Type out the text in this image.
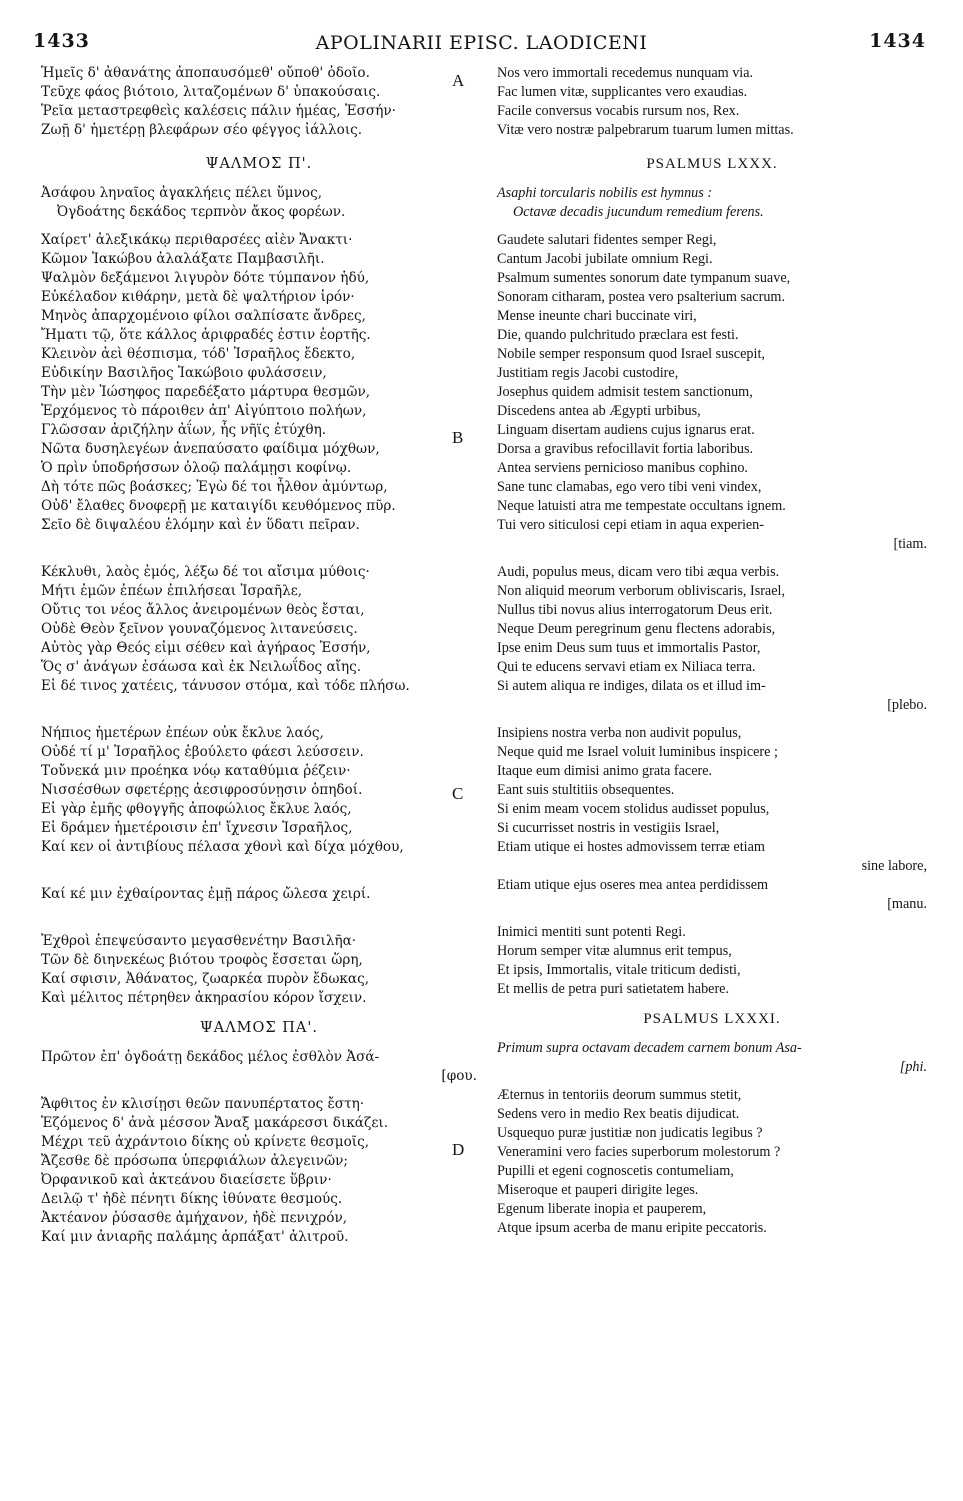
1433	APOLINARII EPISC. LAODICENI	1434
A
B
C
D
Ἡμεῖς δ' ἀθανάτης ἀποπαυσόμεθ' οὔποθ' ὁδοῖο.
Τεῦχε φάος βιότοιο, λιταζομένων δ' ὑπακούσαις.
Ῥεῖα μεταστρεφθεὶς καλέσεις πάλιν ἡμέας, Ἐσσήν·
Ζωῇ δ' ἡμετέρῃ βλεφάρων σέο φέγγος ἰάλλοις.
ΨΑΛΜΟΣ Π'.
Ἀσάφου ληναῖος ἀγακλήεις πέλει ὕμνος,
Ὀγδοάτης δεκάδος τερπνὸν ἄκος φορέων.
Χαίρετ' ἀλεξικάκῳ περιθαρσέες αἰὲν Ἄνακτι·
Κῶμον Ἰακώβου ἀλαλάξατε Παμβασιλῆι.
Ψαλμὸν δεξάμενοι λιγυρὸν δότε τύμπανον ἡδύ,
Εὐκέλαδον κιθάρην, μετὰ δὲ ψαλτήριον ἱρόν·
Μηνὸς ἀπαρχομένοιο φίλοι σαλπίσατε ἄνδρες,
Ἤματι τῷ, ὅτε κάλλος ἀριφραδές ἐστιν ἑορτῆς.
Κλεινὸν ἀεὶ θέσπισμα, τόδ' Ἰσραῆλος ἔδεκτο,
Εὐδικίην Βασιλῆος Ἰακώβοιο φυλάσσειν,
Τὴν μὲν Ἰώσηφος παρεδέξατο μάρτυρα θεσμῶν,
Ἐρχόμενος τὸ πάροιθεν ἀπ' Αἰγύπτοιο πολήων,
Γλῶσσαν ἀριζήλην ἀΐων, ἧς νῆϊς ἐτύχθη.
Νῶτα δυσηλεγέων ἀνεπαύσατο φαίδιμα μόχθων,
Ὁ πρὶν ὑποδρήσσων ὀλοῷ παλάμῃσι κοφίνῳ.
Δὴ τότε πῶς βοάσκες; Ἐγὼ δέ τοι ἦλθον ἀμύντωρ,
Οὐδ' ἔλαθες δνοφερῇ με καταιγίδι κευθόμενος πῦρ.
Σεῖο δὲ διψαλέου ἑλόμην καὶ ἐν ὕδατι πεῖραν.
Κέκλυθι, λαὸς ἐμός, λέξω δέ τοι αἴσιμα μύθοις·
Μήτι ἐμῶν ἐπέων ἐπιλήσεαι Ἰσραῆλε,
Οὔτις τοι νέος ἄλλος ἀνειρομένων θεὸς ἔσται,
Οὐδὲ Θεὸν ξεῖνον γουναζόμενος λιτανεύσεις.
Αὐτὸς γὰρ Θεός εἰμι σέθεν καὶ ἀγήραος Ἐσσήν,
Ὅς σ' ἀνάγων ἐσάωσα καὶ ἐκ Νειλωΐδος αἴης.
Εἰ δέ τινος χατέεις, τάνυσον στόμα, καὶ τόδε πλήσω.
Νήπιος ἡμετέρων ἐπέων οὐκ ἔκλυε λαός,
Οὐδέ τί μ' Ἰσραῆλος ἐβούλετο φάεσι λεύσσειν.
Τοὔνεκά μιν προέηκα νόῳ καταθύμια ῥέζειν·
Νισσέσθων σφετέρῃς ἀεσιφροσύνῃσιν ὁπηδοί.
Εἰ γὰρ ἐμῆς φθογγῆς ἀποφώλιος ἔκλυε λαός,
Εἰ δράμεν ἡμετέροισιν ἐπ' ἴχνεσιν Ἰσραῆλος,
Καί κεν οἱ ἀντιβίους πέλασα χθονὶ καὶ δίχα μόχθου,
Καί κέ μιν ἐχθαίροντας ἐμῇ πάρος ὤλεσα χειρί.
Ἐχθροὶ ἐπεψεύσαντο μεγασθενέτην Βασιλῆα·
Τῶν δὲ διηνεκέως βιότου τροφὸς ἔσσεται ὥρη,
Καί σφισιν, Ἀθάνατος, ζωαρκέα πυρὸν ἔδωκας,
Καὶ μέλιτος πέτρηθεν ἀκηρασίου κόρον ἴσχειν.
ΨΑΛΜΟΣ ΠΑ'.
Πρῶτον ἐπ' ὀγδοάτῃ δεκάδος μέλος ἐσθλὸν Ἀσά-
[φου.
Ἄφθιτος ἐν κλισίῃσι θεῶν πανυπέρτατος ἔστη·
Ἑζόμενος δ' ἀνὰ μέσσον Ἄναξ μακάρεσσι δικάζει.
Μέχρι τεῦ ἀχράντοιο δίκης οὐ κρίνετε θεσμοῖς,
Ἄζεσθε δὲ πρόσωπα ὑπερφιάλων ἀλεγεινῶν;
Ὀρφανικοῦ καὶ ἀκτεάνου διαείσετε ὕβριν·
Δειλῷ τ' ἠδὲ πένητι δίκης ἰθύνατε θεσμούς.
Ἀκτέανον ῥύσασθε ἀμήχανον, ἠδὲ πενιχρόν,
Καί μιν ἀνιαρῆς παλάμης ἁρπάξατ' ἀλιτροῦ.
Nos vero immortali recedemus nunquam via.
Fac lumen vitæ, supplicantes vero exaudias.
Facile conversus vocabis rursum nos, Rex.
Vitæ vero nostræ palpebrarum tuarum lumen mittas.
PSALMUS LXXX.
Asaphi torcularis nobilis est hymnus :
Octavæ decadis jucundum remedium ferens.
Gaudete salutari fidentes semper Regi,
Cantum Jacobi jubilate omnium Regi.
Psalmum sumentes sonorum date tympanum suave,
Sonoram citharam, postea vero psalterium sacrum.
Mense ineunte chari buccinate viri,
Die, quando pulchritudo præclara est festi.
Nobile semper responsum quod Israel suscepit,
Justitiam regis Jacobi custodire,
Josephus quidem admisit testem sanctionum,
Discedens antea ab Ægypti urbibus,
Linguam disertam audiens cujus ignarus erat.
Dorsa a gravibus refocillavit fortia laboribus.
Antea serviens pernicioso manibus cophino.
Sane tunc clamabas, ego vero tibi veni vindex,
Neque latuisti atra me tempestate occultans ignem.
Tui vero siticulosi cepi etiam in aqua experien-
[tiam.
Audi, populus meus, dicam vero tibi æqua verbis.
Non aliquid meorum verborum obliviscaris, Israel,
Nullus tibi novus alius interrogatorum Deus erit.
Neque Deum peregrinum genu flectens adorabis,
Ipse enim Deus sum tuus et immortalis Pastor,
Qui te educens servavi etiam ex Niliaca terra.
Si autem aliqua re indiges, dilata os et illud im-
[plebo.
Insipiens nostra verba non audivit populus,
Neque quid me Israel voluit luminibus inspicere ;
Itaque eum dimisi animo grata facere.
Eant suis stultitiis obsequentes.
Si enim meam vocem stolidus audisset populus,
Si cucurrisset nostris in vestigiis Israel,
Etiam utique ei hostes admovissem terræ etiam
sine labore,
Etiam utique ejus oseres mea antea perdidissem
[manu.
Inimici mentiti sunt potenti Regi.
Horum semper vitæ alumnus erit tempus,
Et ipsis, Immortalis, vitale triticum dedisti,
Et mellis de petra puri satietatem habere.
PSALMUS LXXXI.
Primum supra octavam decadem carnem bonum Asa-
[phi.
Æternus in tentoriis deorum summus stetit,
Sedens vero in medio Rex beatis dijudicat.
Usquequo puræ justitiæ non judicatis legibus ?
Veneramini vero facies superborum molestorum ?
Pupilli et egeni cognoscetis contumeliam,
Miseroque et pauperi dirigite leges.
Egenum liberate inopia et pauperem,
Atque ipsum acerba de manu eripite peccatoris.
